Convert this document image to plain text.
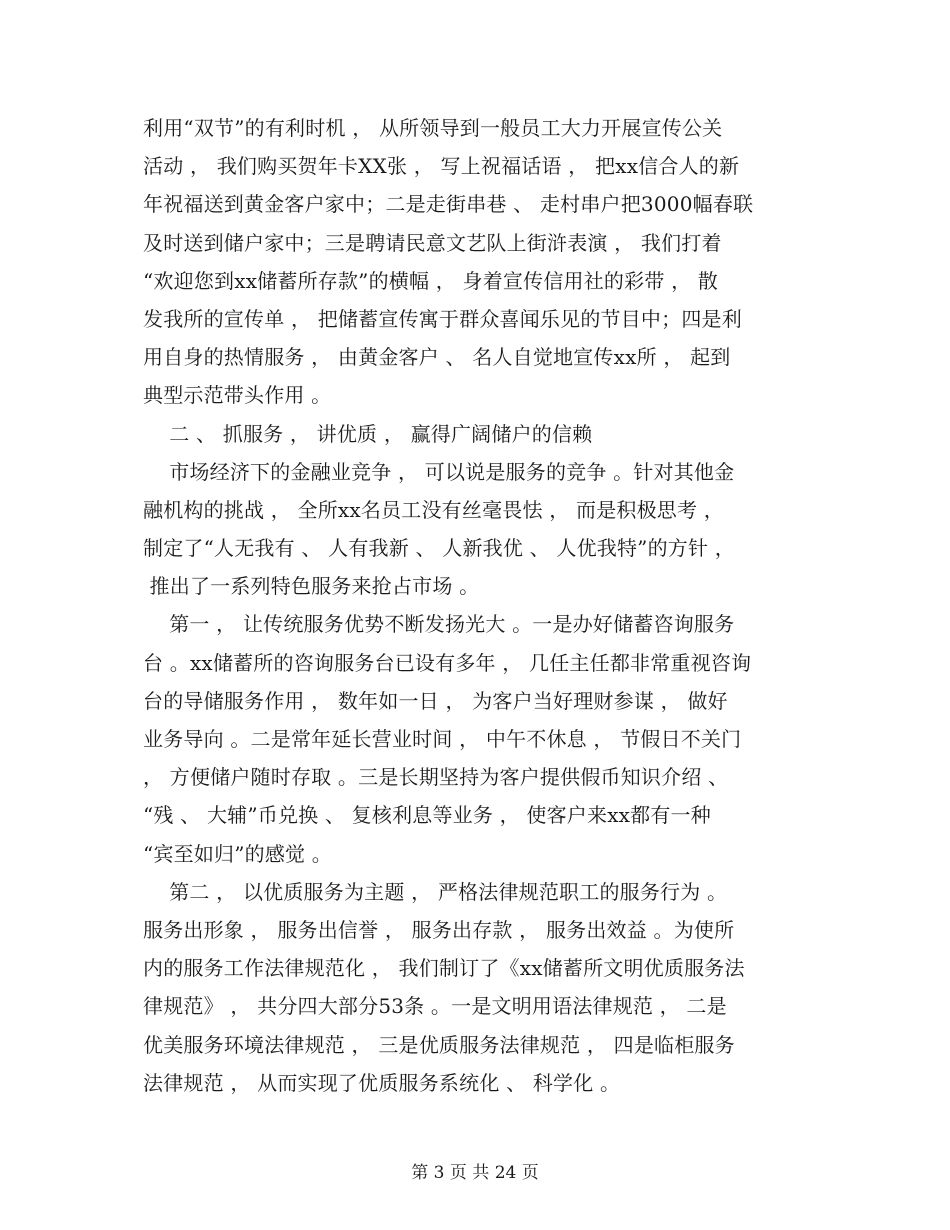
利用“双节”的有利时机 ， 从所领导到一般员工大力开展宣传公关
活动 ， 我们购买贺年卡XX张 ， 写上祝福话语 ， 把xx信合人的新
年祝福送到黄金客户家中；二是走街串巷 、 走村串户把3000幅春联
及时送到储户家中；三是聘请民意文艺队上街浒表演 ， 我们打着
“欢迎您到xx储蓄所存款”的横幅 ， 身着宣传信用社的彩带 ， 散
发我所的宣传单 ， 把储蓄宣传寓于群众喜闻乐见的节目中；四是利
用自身的热情服务 ， 由黄金客户 、 名人自觉地宣传xx所 ， 起到
典型示范带头作用 。
二 、 抓服务 ， 讲优质 ， 赢得广阔储户的信赖
市场经济下的金融业竞争 ， 可以说是服务的竞争 。针对其他金
融机构的挑战 ， 全所xx名员工没有丝毫畏怯 ， 而是积极思考 ，
制定了“人无我有 、 人有我新 、 人新我优 、 人优我特”的方针 ，
推出了一系列特色服务来抢占市场 。
第一 ， 让传统服务优势不断发扬光大 。一是办好储蓄咨询服务
台 。xx储蓄所的咨询服务台已设有多年 ， 几任主任都非常重视咨询
台的导储服务作用 ， 数年如一日 ， 为客户当好理财参谋 ， 做好
业务导向 。二是常年延长营业时间 ， 中午不休息 ， 节假日不关门
， 方便储户随时存取 。三是长期坚持为客户提供假币知识介绍 、
“残 、 大辅”币兑换 、 复核利息等业务 ， 使客户来xx都有一种
“宾至如归”的感觉 。
第二 ， 以优质服务为主题 ， 严格法律规范职工的服务行为 。
服务出形象 ， 服务出信誉 ， 服务出存款 ， 服务出效益 。为使所
内的服务工作法律规范化 ， 我们制订了《xx储蓄所文明优质服务法
律规范》 ， 共分四大部分53条 。一是文明用语法律规范 ， 二是
优美服务环境法律规范 ， 三是优质服务法律规范 ， 四是临柜服务
法律规范 ， 从而实现了优质服务系统化 、 科学化 。
第 3 页 共 24 页
